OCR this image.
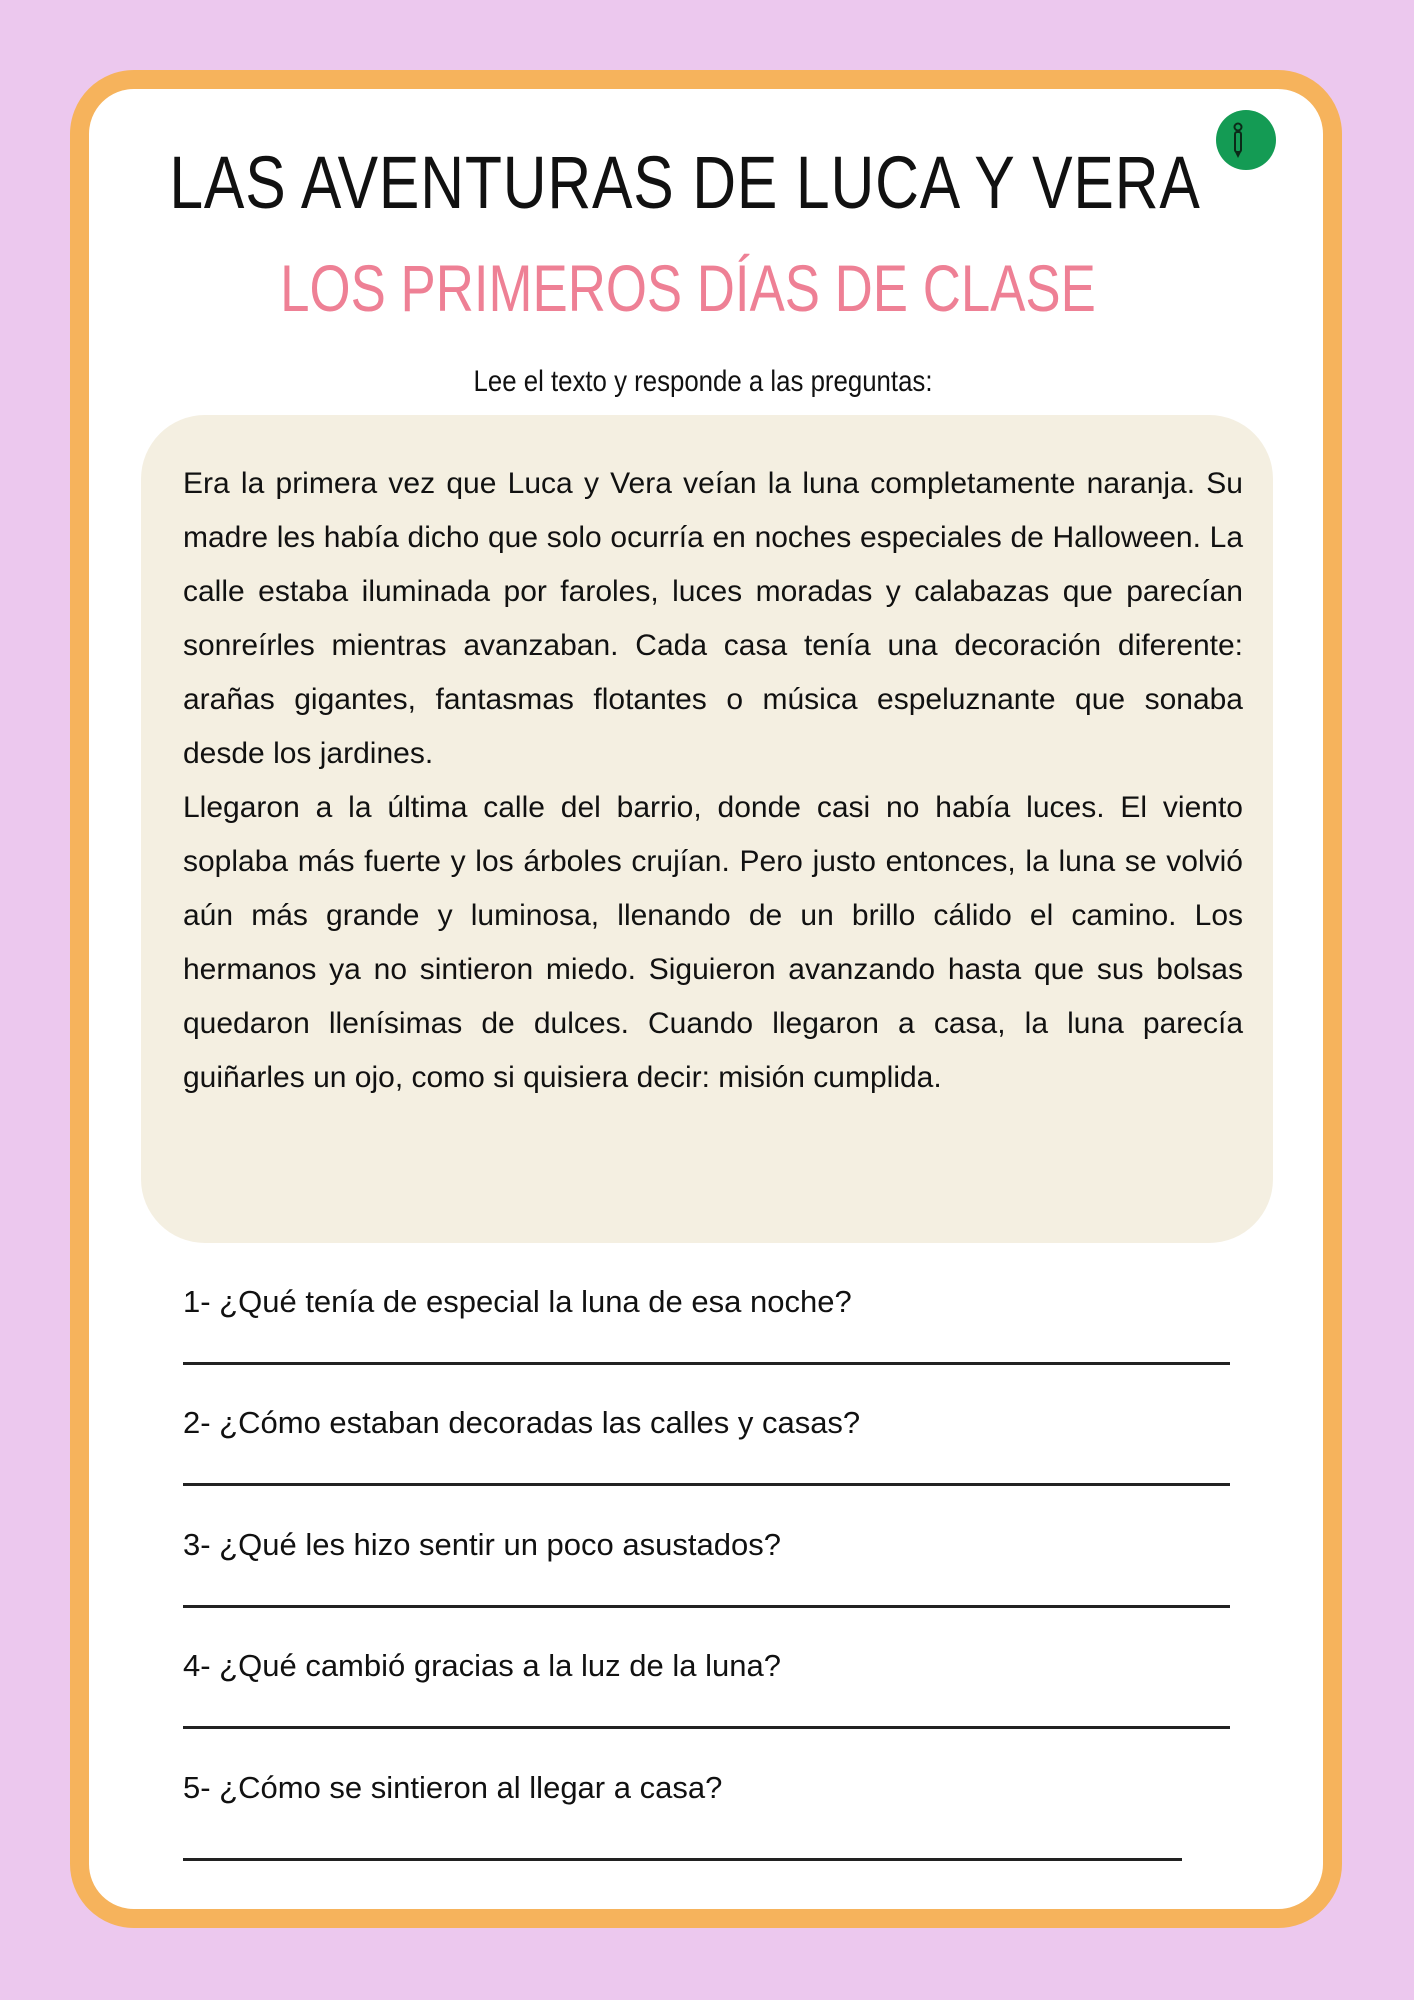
LAS AVENTURAS DE LUCA Y VERA
LOS PRIMEROS DÍAS DE CLASE

Lee el texto y responde a las preguntas:

Era la primera vez que Luca y Vera veían la luna completamente naranja. Su madre les había dicho que solo ocurría en noches especiales de Halloween. La calle estaba iluminada por faroles, luces moradas y calabazas que parecían sonreírles mientras avanzaban. Cada casa tenía una decoración diferente: arañas gigantes, fantasmas flotantes o música espeluznante que sonaba desde los jardines.

Llegaron a la última calle del barrio, donde casi no había luces. El viento soplaba más fuerte y los árboles crujían. Pero justo entonces, la luna se volvió aún más grande y luminosa, llenando de un brillo cálido el camino. Los hermanos ya no sintieron miedo. Siguieron avanzando hasta que sus bolsas quedaron llenísimas de dulces. Cuando llegaron a casa, la luna parecía guiñarles un ojo, como si quisiera decir: misión cumplida.

1- ¿Qué tenía de especial la luna de esa noche?

2- ¿Cómo estaban decoradas las calles y casas?

3- ¿Qué les hizo sentir un poco asustados?

4- ¿Qué cambió gracias a la luz de la luna?

5- ¿Cómo se sintieron al llegar a casa?
